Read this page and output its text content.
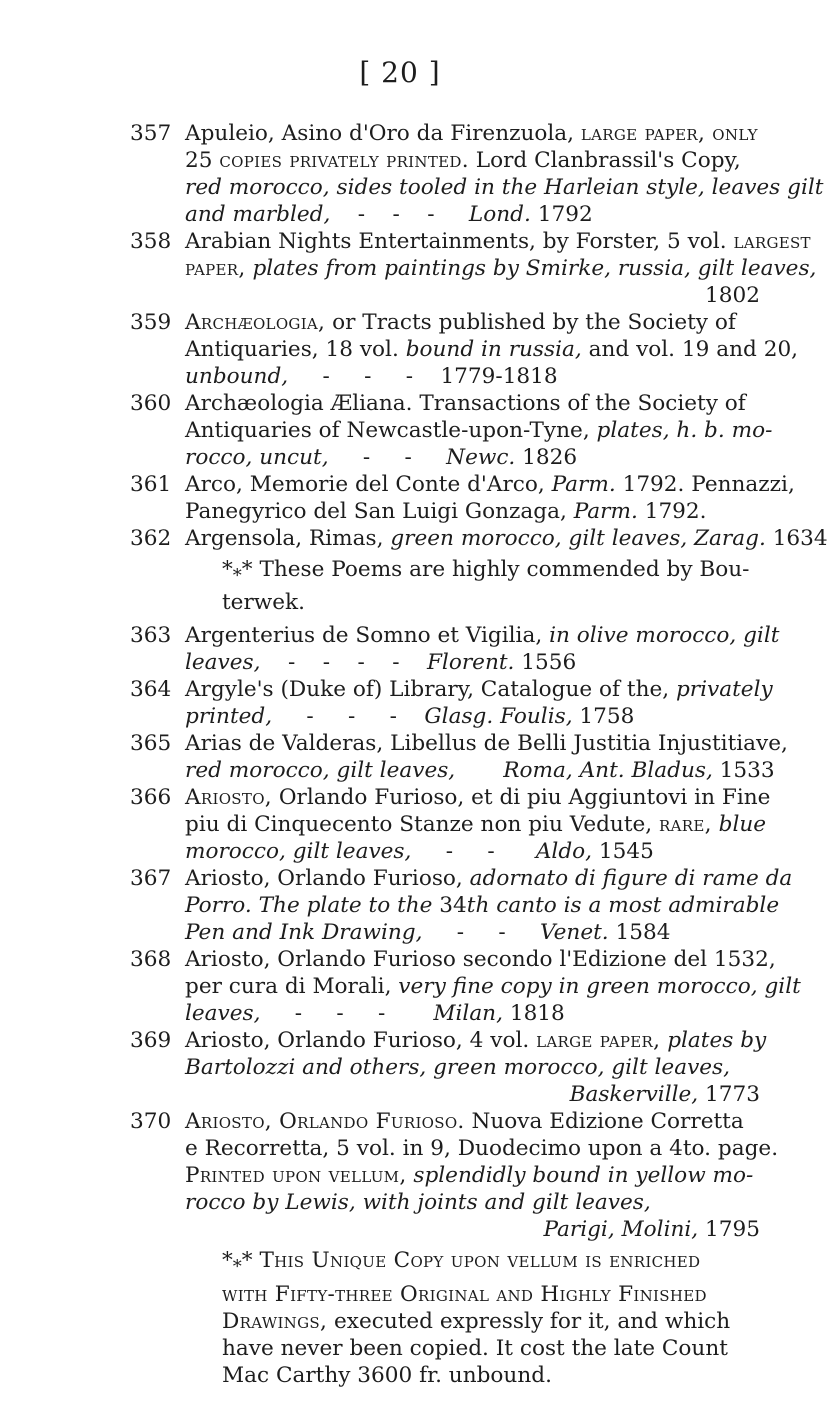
[ 20 ]
357 Apuleio, Asino d'Oro da Firenzuola, large paper, only
25 copies privately printed. Lord Clanbrassil's Copy,
red morocco, sides tooled in the Harleian style, leaves gilt
and marbled,    -    -    -     Lond. 1792
358 Arabian Nights Entertainments, by Forster, 5 vol. largest
paper, plates from paintings by Smirke, russia, gilt leaves,
1802
359 Archæologia, or Tracts published by the Society of
Antiquaries, 18 vol. bound in russia, and vol. 19 and 20,
unbound,     -     -     -    1779-1818
360 Archæologia Æliana. Transactions of the Society of
Antiquaries of Newcastle-upon-Tyne, plates, h. b. mo-
rocco, uncut,     -     -     Newc. 1826
361 Arco, Memorie del Conte d'Arco, Parm. 1792. Pennazzi,
Panegyrico del San Luigi Gonzaga, Parm. 1792.
362 Argensola, Rimas, green morocco, gilt leaves, Zarag. 1634
$*_**$ These Poems are highly commended by Bou-
terwek.
363 Argenterius de Somno et Vigilia, in olive morocco, gilt
leaves,    -    -    -    -    Florent. 1556
364 Argyle's (Duke of) Library, Catalogue of the, privately
printed,     -     -     -    Glasg. Foulis, 1758
365 Arias de Valderas, Libellus de Belli Justitia Injustitiave,
red morocco, gilt leaves, Roma, Ant. Bladus, 1533
366 Ariosto, Orlando Furioso, et di piu Aggiuntovi in Fine
piu di Cinquecento Stanze non piu Vedute, rare, blue
morocco, gilt leaves,     -     -      Aldo, 1545
367 Ariosto, Orlando Furioso, adornato di figure di rame da
Porro. The plate to the 34th canto is a most admirable
Pen and Ink Drawing,     -     -     Venet. 1584
368 Ariosto, Orlando Furioso secondo l'Edizione del 1532,
per cura di Morali, very fine copy in green morocco, gilt
leaves,     -     -     -       Milan, 1818
369 Ariosto, Orlando Furioso, 4 vol. large paper, plates by
Bartolozzi and others, green morocco, gilt leaves,
Baskerville, 1773
370 Ariosto, Orlando Furioso. Nuova Edizione Corretta
e Recorretta, 5 vol. in 9, Duodecimo upon a 4to. page.
Printed upon vellum, splendidly bound in yellow mo-
rocco by Lewis, with joints and gilt leaves,
Parigi, Molini, 1795
$*_**$ This Unique Copy upon vellum is enriched
with Fifty-three Original and Highly Finished
Drawings, executed expressly for it, and which
have never been copied. It cost the late Count
Mac Carthy 3600 fr. unbound.
